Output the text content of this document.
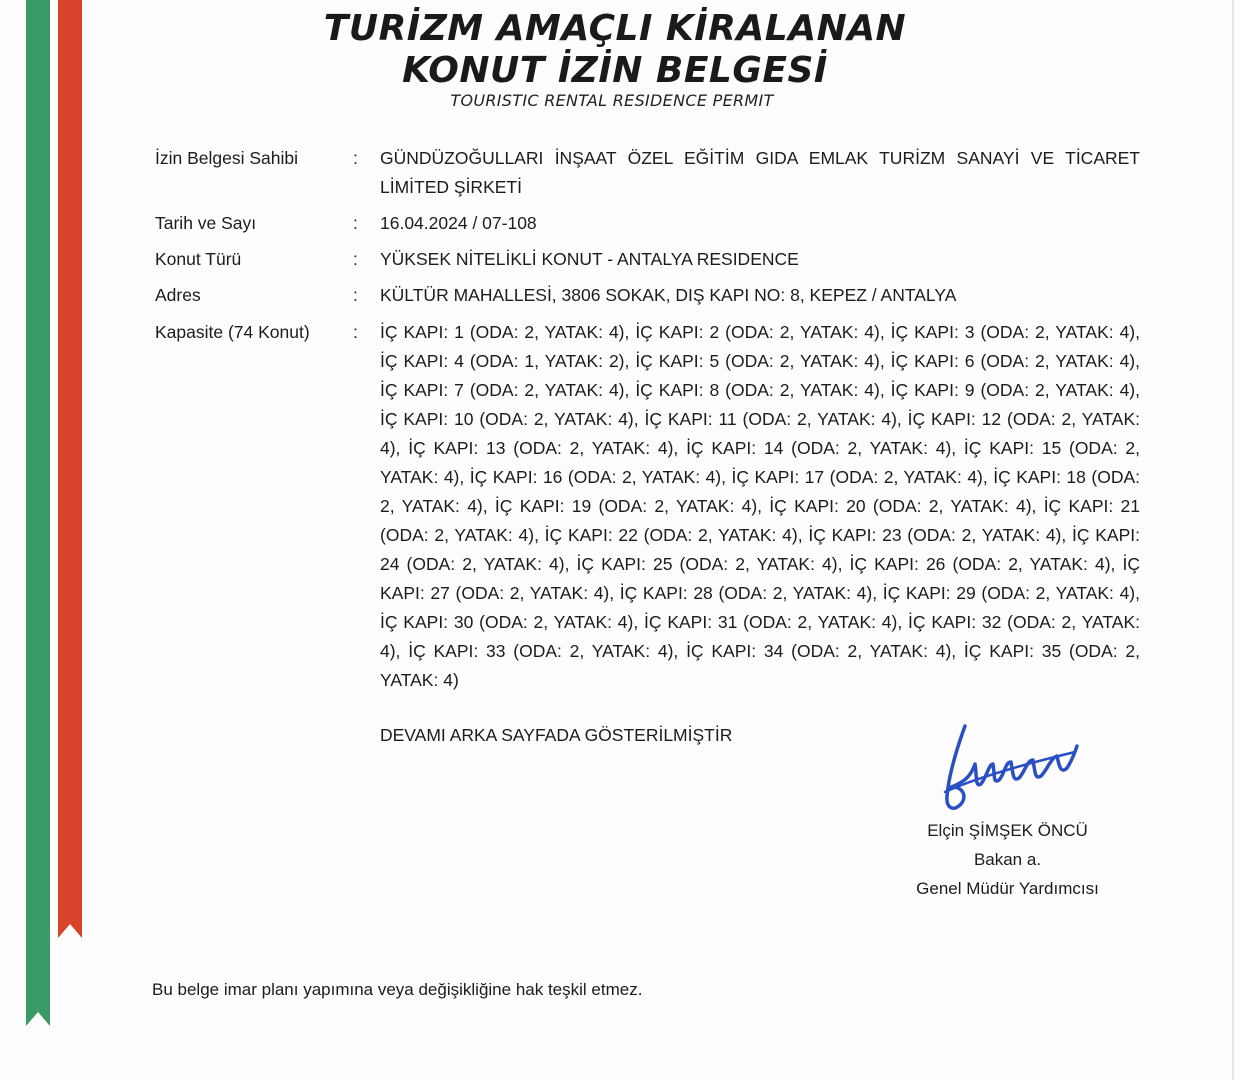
TURİZM AMAÇLI KİRALANAN
KONUT İZİN BELGESİ
TOURISTIC RENTAL RESIDENCE PERMIT
İzin Belgesi Sahibi	: GÜNDÜZOĞULLARI İNŞAAT ÖZEL EĞİTİM GIDA EMLAK TURİZM SANAYİ VE TİCARET LİMİTED ŞİRKETİ
Tarih ve Sayı	: 16.04.2024 / 07-108
Konut Türü	: YÜKSEK NİTELİKLİ KONUT - ANTALYA RESIDENCE
Adres	: KÜLTÜR MAHALLESİ, 3806 SOKAK, DIŞ KAPI NO: 8, KEPEZ / ANTALYA
Kapasite (74 Konut)	: İÇ KAPI: 1 (ODA: 2, YATAK: 4), İÇ KAPI: 2 (ODA: 2, YATAK: 4), İÇ KAPI: 3 (ODA: 2, YATAK: 4), İÇ KAPI: 4 (ODA: 1, YATAK: 2), İÇ KAPI: 5 (ODA: 2, YATAK: 4), İÇ KAPI: 6 (ODA: 2, YATAK: 4), İÇ KAPI: 7 (ODA: 2, YATAK: 4), İÇ KAPI: 8 (ODA: 2, YATAK: 4), İÇ KAPI: 9 (ODA: 2, YATAK: 4), İÇ KAPI: 10 (ODA: 2, YATAK: 4), İÇ KAPI: 11 (ODA: 2, YATAK: 4), İÇ KAPI: 12 (ODA: 2, YATAK: 4), İÇ KAPI: 13 (ODA: 2, YATAK: 4), İÇ KAPI: 14 (ODA: 2, YATAK: 4), İÇ KAPI: 15 (ODA: 2, YATAK: 4), İÇ KAPI: 16 (ODA: 2, YATAK: 4), İÇ KAPI: 17 (ODA: 2, YATAK: 4), İÇ KAPI: 18 (ODA: 2, YATAK: 4), İÇ KAPI: 19 (ODA: 2, YATAK: 4), İÇ KAPI: 20 (ODA: 2, YATAK: 4), İÇ KAPI: 21 (ODA: 2, YATAK: 4), İÇ KAPI: 22 (ODA: 2, YATAK: 4), İÇ KAPI: 23 (ODA: 2, YATAK: 4), İÇ KAPI: 24 (ODA: 2, YATAK: 4), İÇ KAPI: 25 (ODA: 2, YATAK: 4), İÇ KAPI: 26 (ODA: 2, YATAK: 4), İÇ KAPI: 27 (ODA: 2, YATAK: 4), İÇ KAPI: 28 (ODA: 2, YATAK: 4), İÇ KAPI: 29 (ODA: 2, YATAK: 4), İÇ KAPI: 30 (ODA: 2, YATAK: 4), İÇ KAPI: 31 (ODA: 2, YATAK: 4), İÇ KAPI: 32 (ODA: 2, YATAK: 4), İÇ KAPI: 33 (ODA: 2, YATAK: 4), İÇ KAPI: 34 (ODA: 2, YATAK: 4), İÇ KAPI: 35 (ODA: 2, YATAK: 4)
DEVAMI ARKA SAYFADA GÖSTERİLMİŞTİR
Elçin ŞİMŞEK ÖNCÜ
Bakan a.
Genel Müdür Yardımcısı
Bu belge imar planı yapımına veya değişikliğine hak teşkil etmez.
